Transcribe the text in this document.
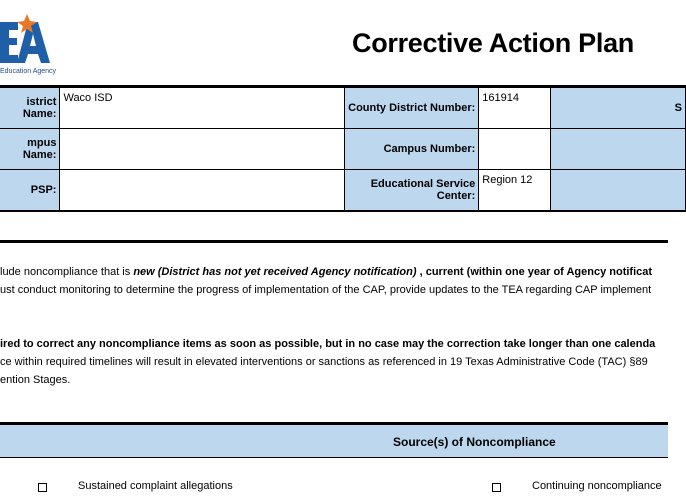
Education Agency
Corrective Action Plan
istrict Name:	Waco ISD	County District Number:	161914	S
mpus Name:		Campus Number:		
PSP:		Educational Service Center:	Region 12	
lude noncompliance that is new (District has not yet received Agency notification) , current (within one year of Agency notificat
ust conduct monitoring to determine the progress of implementation of the CAP, provide updates to the TEA regarding CAP implement
ired to correct any noncompliance items as soon as possible, but in no case may the correction take longer than one calenda
ce within required timelines will result in elevated interventions or sanctions as referenced in 19 Texas Administrative Code (TAC) §89
ention Stages.
Source(s) of Noncompliance
Sustained complaint allegations	Continuing noncompliance
